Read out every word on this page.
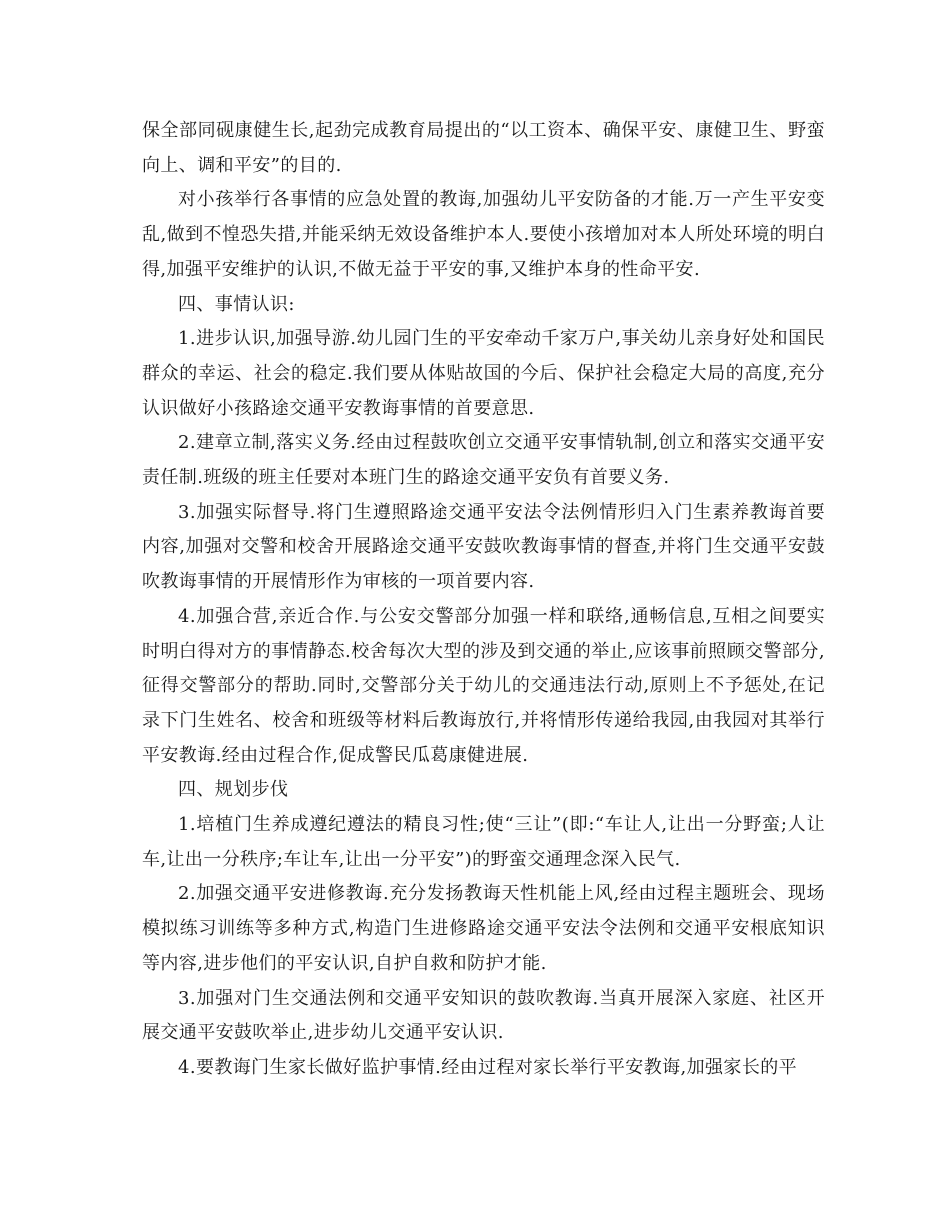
保全部同砚康健生长,起劲完成教育局提出的“以工资本、确保平安、康健卫生、野蛮向上、调和平安”的目的.

对小孩举行各事情的应急处置的教诲,加强幼儿平安防备的才能.万一产生平安变乱,做到不惶恐失措,并能采纳无效设备维护本人.要使小孩增加对本人所处环境的明白得,加强平安维护的认识,不做无益于平安的事,又维护本身的性命平安.

四、事情认识:

1.进步认识,加强导游.幼儿园门生的平安牵动千家万户,事关幼儿亲身好处和国民群众的幸运、社会的稳定.我们要从体贴故国的今后、保护社会稳定大局的高度,充分认识做好小孩路途交通平安教诲事情的首要意思.

2.建章立制,落实义务.经由过程鼓吹创立交通平安事情轨制,创立和落实交通平安责任制.班级的班主任要对本班门生的路途交通平安负有首要义务.

3.加强实际督导.将门生遵照路途交通平安法令法例情形归入门生素养教诲首要内容,加强对交警和校舍开展路途交通平安鼓吹教诲事情的督查,并将门生交通平安鼓吹教诲事情的开展情形作为审核的一项首要内容.

4.加强合营,亲近合作.与公安交警部分加强一样和联络,通畅信息,互相之间要实时明白得对方的事情静态.校舍每次大型的涉及到交通的举止,应该事前照顾交警部分,征得交警部分的帮助.同时,交警部分关于幼儿的交通违法行动,原则上不予惩处,在记录下门生姓名、校舍和班级等材料后教诲放行,并将情形传递给我园,由我园对其举行平安教诲.经由过程合作,促成警民瓜葛康健进展.

四、规划步伐

1.培植门生养成遵纪遵法的精良习性;使“三让”(即:“车让人,让出一分野蛮;人让车,让出一分秩序;车让车,让出一分平安”)的野蛮交通理念深入民气.

2.加强交通平安进修教诲.充分发扬教诲天性机能上风,经由过程主题班会、现场模拟练习训练等多种方式,构造门生进修路途交通平安法令法例和交通平安根底知识等内容,进步他们的平安认识,自护自救和防护才能.

3.加强对门生交通法例和交通平安知识的鼓吹教诲.当真开展深入家庭、社区开展交通平安鼓吹举止,进步幼儿交通平安认识.

4.要教诲门生家长做好监护事情.经由过程对家长举行平安教诲,加强家长的平
